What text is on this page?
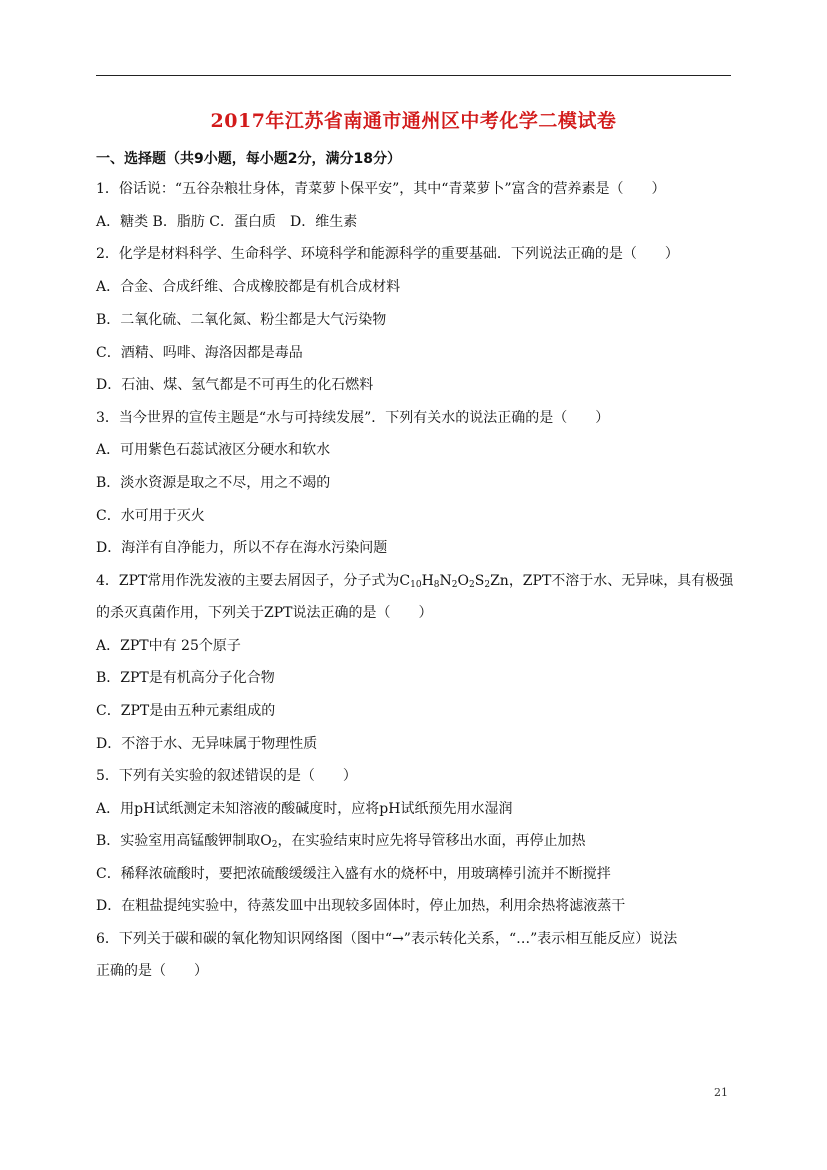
2017年江苏省南通市通州区中考化学二模试卷
一、选择题（共9小题，每小题2分，满分18分）
1．俗话说：“五谷杂粮壮身体，青菜萝卜保平安”，其中“青菜萝卜”富含的营养素是（　　）
A．糖类 B．脂肪 C．蛋白质　D．维生素
2．化学是材料科学、生命科学、环境科学和能源科学的重要基础．下列说法正确的是（　　）
A．合金、合成纤维、合成橡胶都是有机合成材料
B．二氧化硫、二氧化氮、粉尘都是大气污染物
C．酒精、吗啡、海洛因都是毒品
D．石油、煤、氢气都是不可再生的化石燃料
3．当今世界的宣传主题是“水与可持续发展”．下列有关水的说法正确的是（　　）
A．可用紫色石蕊试液区分硬水和软水
B．淡水资源是取之不尽，用之不竭的
C．水可用于灭火
D．海洋有自净能力，所以不存在海水污染问题
4．ZPT常用作洗发液的主要去屑因子，分子式为$C_{10}H_8N_2O_2S_2Zn$，ZPT不溶于水、无异味，具有极强
的杀灭真菌作用，下列关于ZPT说法正确的是（　　）
A．ZPT中有 25个原子
B．ZPT是有机高分子化合物
C．ZPT是由五种元素组成的
D．不溶于水、无异味属于物理性质
5．下列有关实验的叙述错误的是（　　）
A．用pH试纸测定未知溶液的酸碱度时，应将pH试纸预先用水湿润
B．实验室用高锰酸钾制取$O_2$，在实验结束时应先将导管移出水面，再停止加热
C．稀释浓硫酸时，要把浓硫酸缓缓注入盛有水的烧杯中，用玻璃棒引流并不断搅拌
D．在粗盐提纯实验中，待蒸发皿中出现较多固体时，停止加热，利用余热将滤液蒸干
6．下列关于碳和碳的氧化物知识网络图（图中“→”表示转化关系，“…”表示相互能反应）说法
正确的是（　　）
21
